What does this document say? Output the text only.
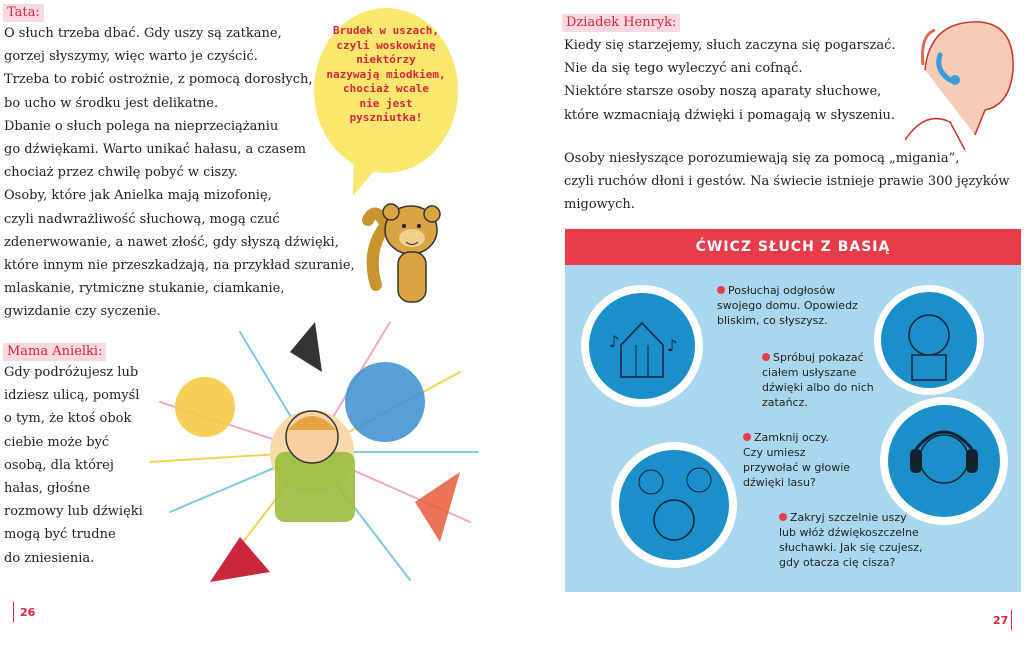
Tata:
O słuch trzeba dbać. Gdy uszy są zatkane,
gorzej słyszymy, więc warto je czyścić.
Trzeba to robić ostrożnie, z pomocą dorosłych,
bo ucho w środku jest delikatne.
Dbanie o słuch polega na nieprzeciążaniu
go dźwiękami. Warto unikać hałasu, a czasem
chociaż przez chwilę pobyć w ciszy.
Osoby, które jak Anielka mają mizofonię,
czyli nadwrażliwość słuchową, mogą czuć
zdenerwowanie, a nawet złość, gdy słyszą dźwięki,
które innym nie przeszkadzają, na przykład szuranie,
mlaskanie, rytmiczne stukanie, ciamkanie,
gwizdanie czy syczenie.
Brudek w uszach,
czyli woskowinę
niektórzy
nazywają miodkiem,
chociaż wcale
nie jest
pyszniutka!
Mama Anielki:
Gdy podróżujesz lub
idziesz ulicą, pomyśl
o tym, że ktoś obok
ciebie może być
osobą, dla której
hałas, głośne
rozmowy lub dźwięki
mogą być trudne
do zniesienia.
26
Dziadek Henryk:
Kiedy się starzejemy, słuch zaczyna się pogarszać.
Nie da się tego wyleczyć ani cofnąć.
Niektóre starsze osoby noszą aparaty słuchowe,
które wzmacniają dźwięki i pomagają w słyszeniu.
Osoby niesłyszące porozumiewają się za pomocą „migania”,
czyli ruchów dłoni i gestów. Na świecie istnieje prawie 300 języków
migowych.
ĆWICZ SŁUCH Z BASIĄ
♪	♪
Posłuchaj odgłosów
swojego domu. Opowiedz
bliskim, co słyszysz.
Spróbuj pokazać
ciałem usłyszane
dźwięki albo do nich
zatańcz.
Zamknij oczy.
Czy umiesz
przywołać w głowie
dźwięki lasu?
Zakryj szczelnie uszy
lub włóż dźwiękoszczelne
słuchawki. Jak się czujesz,
gdy otacza cię cisza?
27
